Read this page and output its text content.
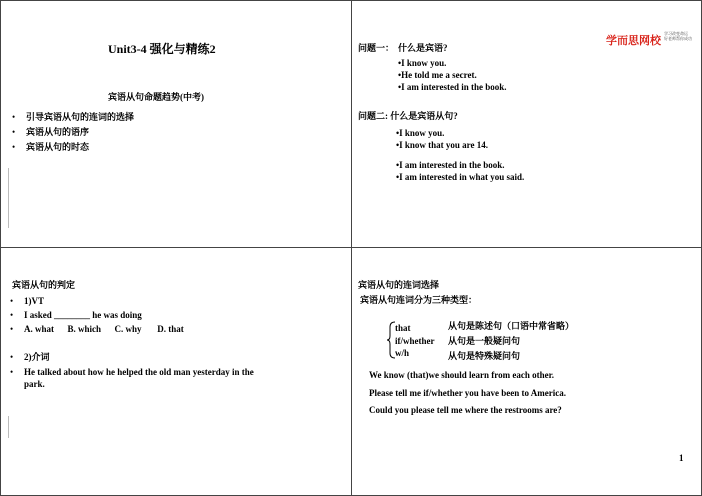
Unit3-4 强化与精练2
宾语从句命题趋势(中考)
• 引导宾语从句的连词的选择
• 宾语从句的语序
• 宾语从句的时态
学而思网校
学习改变命运
好老师帮你成功
问题一： 什么是宾语?
•I know you.
•He told me a secret.
•I am interested in the book.
问题二: 什么是宾语从句?
•I know you.
•I know that you are 14.
•I am interested in the book.
•I am interested in what you said.
宾语从句的判定
• 1)VT
• I asked ________ he was doing
• A. what      B. which      C. why       D. that
• 2)介词
• He talked about how he helped the old man yesterday in the
park.
宾语从句的连词选择
宾语从句连词分为三种类型：
that
if/whether
w/h
从句是陈述句（口语中常省略）
从句是一般疑问句
从句是特殊疑问句
We know (that)we should learn from each other.
Please tell me if/whether you have been to America.
Could you please tell me where the restrooms are?
1
